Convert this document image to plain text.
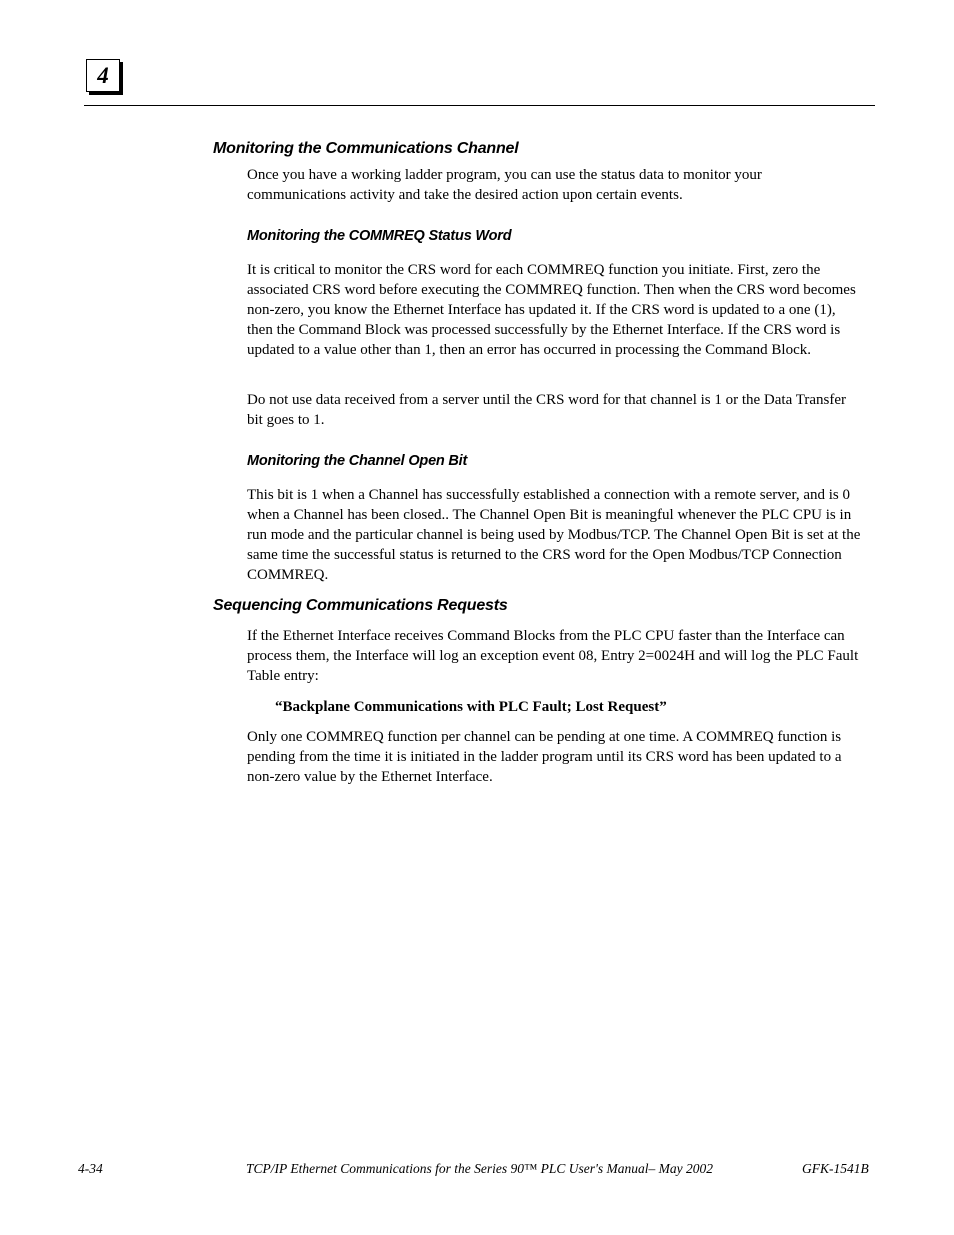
4
Monitoring the Communications Channel

Once you have a working ladder program, you can use the status data to monitor your communications activity and take the desired action upon certain events.

Monitoring the COMMREQ Status Word

It is critical to monitor the CRS word for each COMMREQ function you initiate. First, zero the associated CRS word before executing the COMMREQ function. Then when the CRS word becomes non-zero, you know the Ethernet Interface has updated it. If the CRS word is updated to a one (1), then the Command Block was processed successfully by the Ethernet Interface. If the CRS word is updated to a value other than 1, then an error has occurred in processing the Command Block.

Do not use data received from a server until the CRS word for that channel is 1 or the Data Transfer bit goes to 1.

Monitoring the Channel Open Bit

This bit is 1 when a Channel has successfully established a connection with a remote server, and is 0 when a Channel has been closed.. The Channel Open Bit is meaningful whenever the PLC CPU is in run mode and the particular channel is being used by Modbus/TCP. The Channel Open Bit is set at the same time the successful status is returned to the CRS word for the Open Modbus/TCP Connection COMMREQ.

Sequencing Communications Requests

If the Ethernet Interface receives Command Blocks from the PLC CPU faster than the Interface can process them, the Interface will log an exception event 08, Entry 2=0024H and will log the PLC Fault Table entry:

“Backplane Communications with PLC Fault; Lost Request”

Only one COMMREQ function per channel can be pending at one time. A COMMREQ function is pending from the time it is initiated in the ladder program until its CRS word has been updated to a non-zero value by the Ethernet Interface.

4-34	TCP/IP Ethernet Communications for the Series 90™ PLC User's Manual– May 2002	GFK-1541B
